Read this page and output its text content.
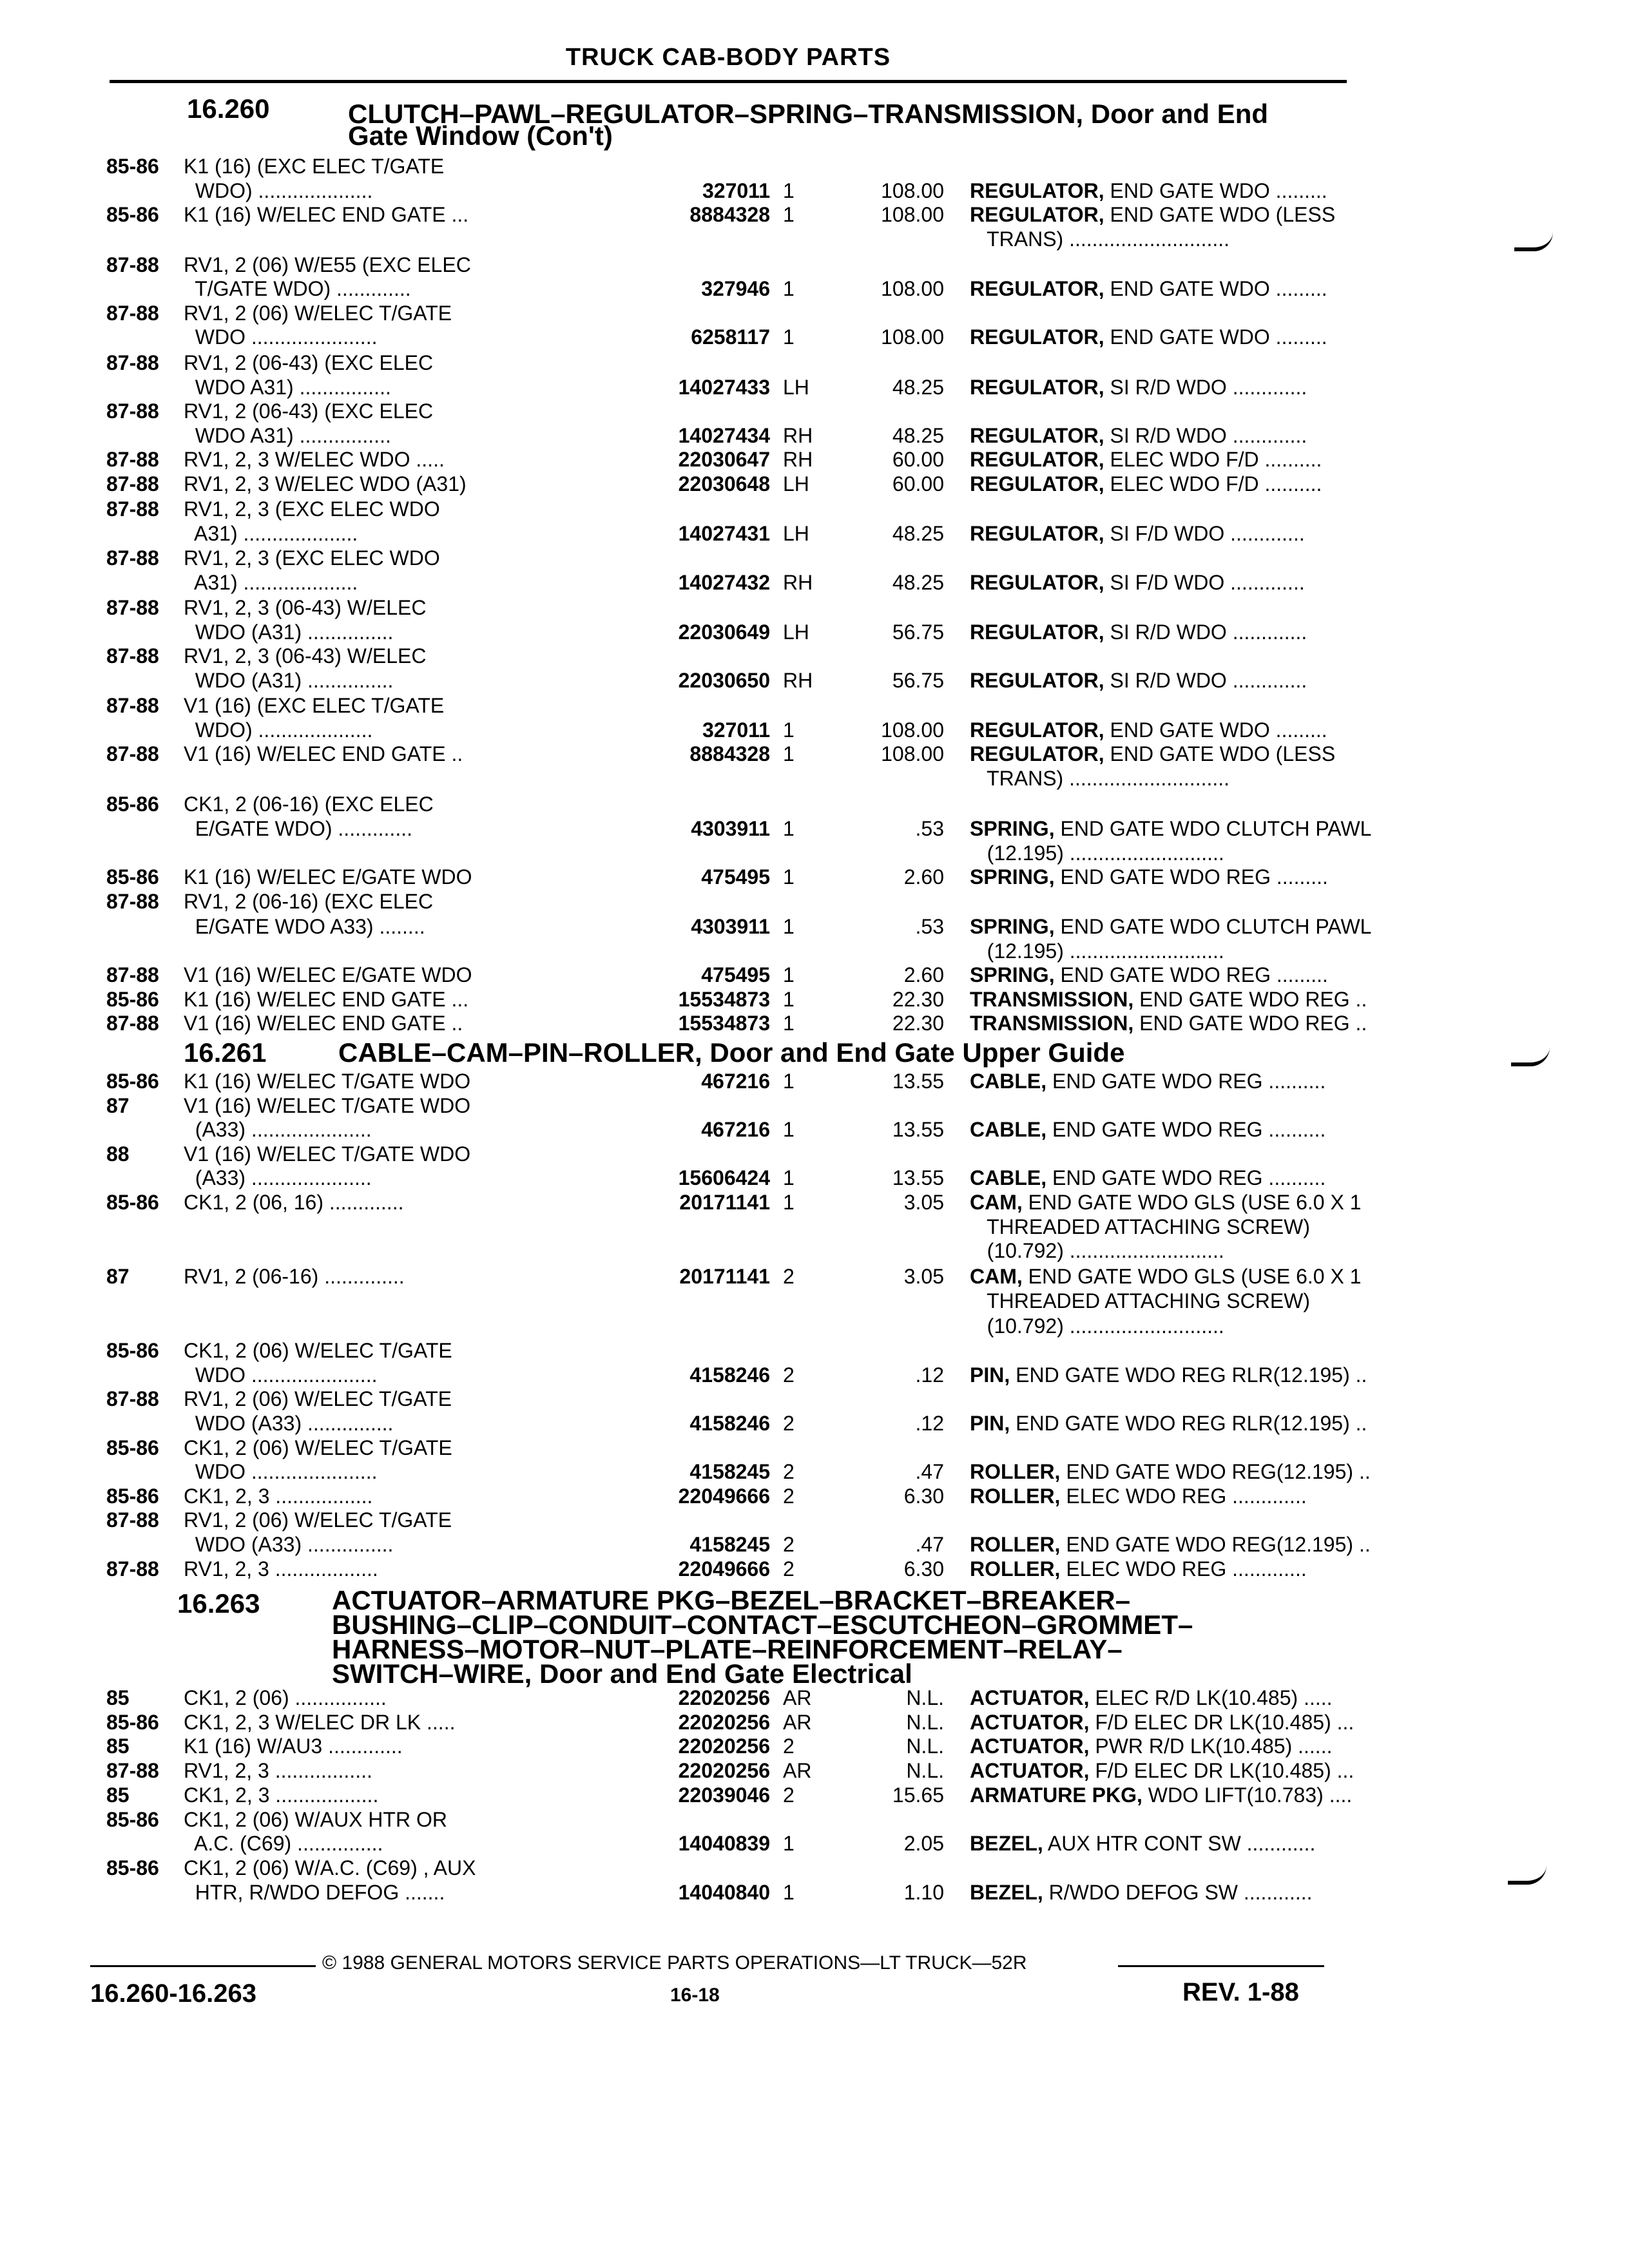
TRUCK CAB-BODY PARTS
16.260	CLUTCH–PAWL–REGULATOR–SPRING–TRANSMISSION, Door and End
Gate Window (Con't)
16.261	CABLE–CAM–PIN–ROLLER, Door and End Gate Upper Guide
16.263	ACTUATOR–ARMATURE PKG–BEZEL–BRACKET–BREAKER–
BUSHING–CLIP–CONDUIT–CONTACT–ESCUTCHEON–GROMMET–
HARNESS–MOTOR–NUT–PLATE–REINFORCEMENT–RELAY–
SWITCH–WIRE, Door and End Gate Electrical
85-86 K1 (16) (EXC ELEC T/GATE
WDO) ....................	327011 1	108.00 REGULATOR, END GATE WDO .........
85-86 K1 (16) W/ELEC END GATE ...	8884328 1	108.00 REGULATOR, END GATE WDO (LESS
TRANS) ............................
87-88 RV1, 2 (06) W/E55 (EXC ELEC
T/GATE WDO) .............	327946 1	108.00 REGULATOR, END GATE WDO .........
87-88 RV1, 2 (06) W/ELEC T/GATE
WDO ......................	6258117 1	108.00 REGULATOR, END GATE WDO .........
87-88 RV1, 2 (06-43) (EXC ELEC
WDO A31) ................	14027433 LH	48.25 REGULATOR, SI R/D WDO .............
87-88 RV1, 2 (06-43) (EXC ELEC
WDO A31) ................	14027434 RH	48.25 REGULATOR, SI R/D WDO .............
87-88 RV1, 2, 3 W/ELEC WDO .....	22030647 RH	60.00 REGULATOR, ELEC WDO F/D ..........
87-88 RV1, 2, 3 W/ELEC WDO (A31)	22030648 LH	60.00 REGULATOR, ELEC WDO F/D ..........
87-88 RV1, 2, 3 (EXC ELEC WDO
A31) ....................	14027431 LH	48.25 REGULATOR, SI F/D WDO .............
87-88 RV1, 2, 3 (EXC ELEC WDO
A31) ....................	14027432 RH	48.25 REGULATOR, SI F/D WDO .............
87-88 RV1, 2, 3 (06-43) W/ELEC
WDO (A31) ...............	22030649 LH	56.75 REGULATOR, SI R/D WDO .............
87-88 RV1, 2, 3 (06-43) W/ELEC
WDO (A31) ...............	22030650 RH	56.75 REGULATOR, SI R/D WDO .............
87-88 V1 (16) (EXC ELEC T/GATE
WDO) ....................	327011 1	108.00 REGULATOR, END GATE WDO .........
87-88 V1 (16) W/ELEC END GATE ..	8884328 1	108.00 REGULATOR, END GATE WDO (LESS
TRANS) ............................
85-86 CK1, 2 (06-16) (EXC ELEC
E/GATE WDO) .............	4303911 1	.53 SPRING, END GATE WDO CLUTCH PAWL
(12.195) ...........................
85-86 K1 (16) W/ELEC E/GATE WDO	475495 1	2.60 SPRING, END GATE WDO REG .........
87-88 RV1, 2 (06-16) (EXC ELEC
E/GATE WDO A33) ........	4303911 1	.53 SPRING, END GATE WDO CLUTCH PAWL
(12.195) ...........................
87-88 V1 (16) W/ELEC E/GATE WDO	475495 1	2.60 SPRING, END GATE WDO REG .........
85-86 K1 (16) W/ELEC END GATE ...	15534873 1	22.30 TRANSMISSION, END GATE WDO REG ..
87-88 V1 (16) W/ELEC END GATE ..	15534873 1	22.30 TRANSMISSION, END GATE WDO REG ..
85-86 K1 (16) W/ELEC T/GATE WDO	467216 1	13.55 CABLE, END GATE WDO REG ..........
87	V1 (16) W/ELEC T/GATE WDO
(A33) .....................	467216 1	13.55 CABLE, END GATE WDO REG ..........
88	V1 (16) W/ELEC T/GATE WDO
(A33) .....................	15606424 1	13.55 CABLE, END GATE WDO REG ..........
85-86 CK1, 2 (06, 16) .............	20171141 1	3.05 CAM, END GATE WDO GLS (USE 6.0 X 1
THREADED ATTACHING SCREW)
(10.792) ...........................
87	RV1, 2 (06-16) ..............	20171141 2	3.05 CAM, END GATE WDO GLS (USE 6.0 X 1
THREADED ATTACHING SCREW)
(10.792) ...........................
85-86 CK1, 2 (06) W/ELEC T/GATE
WDO ......................	4158246 2	.12 PIN, END GATE WDO REG RLR(12.195) ..
87-88 RV1, 2 (06) W/ELEC T/GATE
WDO (A33) ...............	4158246 2	.12 PIN, END GATE WDO REG RLR(12.195) ..
85-86 CK1, 2 (06) W/ELEC T/GATE
WDO ......................	4158245 2	.47 ROLLER, END GATE WDO REG(12.195) ..
85-86 CK1, 2, 3 .................	22049666 2	6.30 ROLLER, ELEC WDO REG .............
87-88 RV1, 2 (06) W/ELEC T/GATE
WDO (A33) ...............	4158245 2	.47 ROLLER, END GATE WDO REG(12.195) ..
87-88 RV1, 2, 3 ..................	22049666 2	6.30 ROLLER, ELEC WDO REG .............
85	CK1, 2 (06) ................	22020256 AR	N.L. ACTUATOR, ELEC R/D LK(10.485) .....
85-86 CK1, 2, 3 W/ELEC DR LK .....	22020256 AR	N.L. ACTUATOR, F/D ELEC DR LK(10.485) ...
85	K1 (16) W/AU3 .............	22020256 2	N.L. ACTUATOR, PWR R/D LK(10.485) ......
87-88 RV1, 2, 3 .................	22020256 AR	N.L. ACTUATOR, F/D ELEC DR LK(10.485) ...
85	CK1, 2, 3 ..................	22039046 2	15.65 ARMATURE PKG, WDO LIFT(10.783) ....
85-86 CK1, 2 (06) W/AUX HTR OR
A.C. (C69) ...............	14040839 1	2.05 BEZEL, AUX HTR CONT SW ............
85-86 CK1, 2 (06) W/A.C. (C69) , AUX
HTR, R/WDO DEFOG .......	14040840 1	1.10 BEZEL, R/WDO DEFOG SW ............
© 1988 GENERAL MOTORS SERVICE PARTS OPERATIONS—LT TRUCK—52R
16.260-16.263	16-18	REV. 1-88
